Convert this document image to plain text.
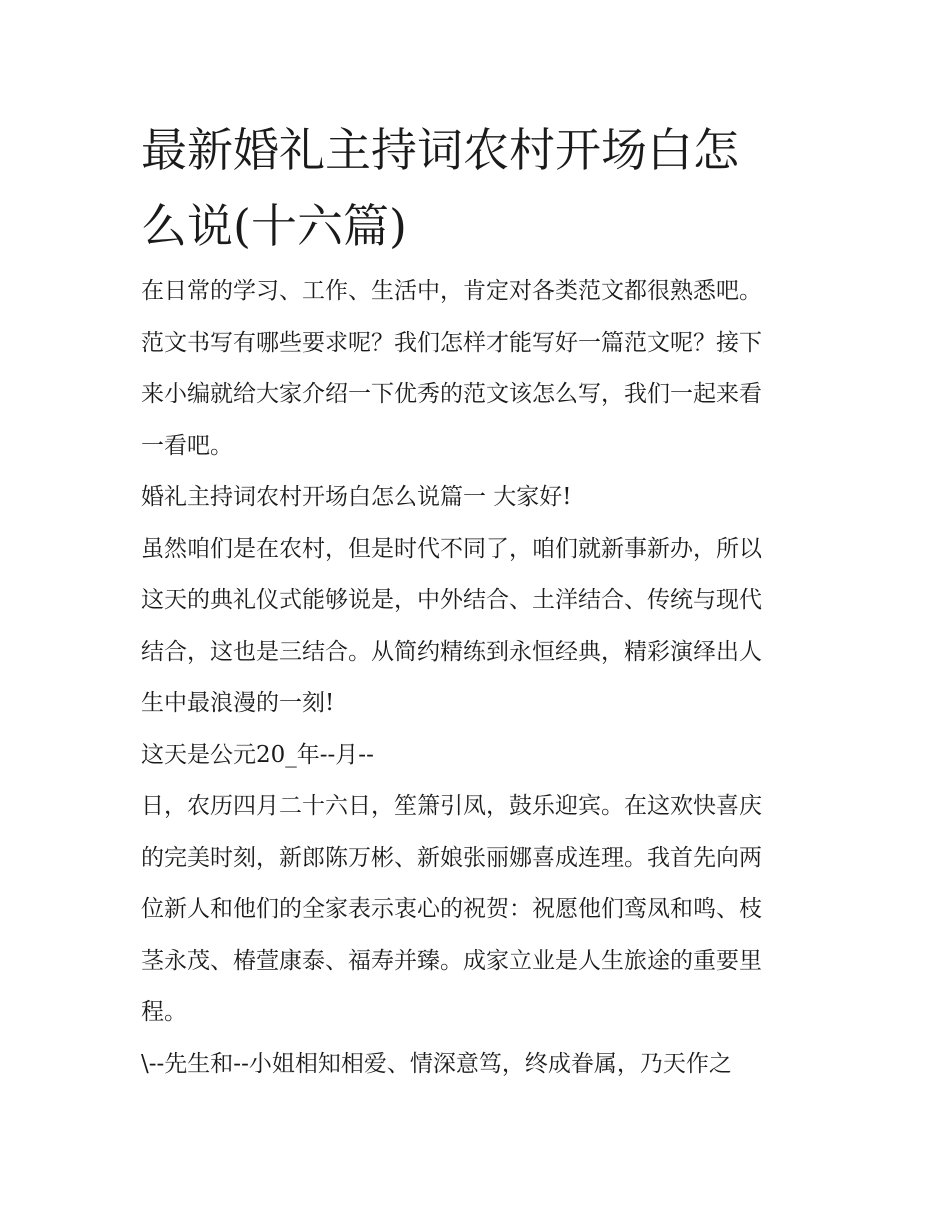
最新婚礼主持词农村开场白怎
么说(十六篇)
在日常的学习、工作、生活中，肯定对各类范文都很熟悉吧。
范文书写有哪些要求呢？我们怎样才能写好一篇范文呢？接下
来小编就给大家介绍一下优秀的范文该怎么写，我们一起来看
一看吧。
婚礼主持词农村开场白怎么说篇一 大家好!
虽然咱们是在农村，但是时代不同了，咱们就新事新办，所以
这天的典礼仪式能够说是，中外结合、土洋结合、传统与现代
结合，这也是三结合。从简约精练到永恒经典，精彩演绎出人
生中最浪漫的一刻!
这天是公元20_年--月--
日，农历四月二十六日，笙箫引凤，鼓乐迎宾。在这欢快喜庆
的完美时刻，新郎陈万彬、新娘张丽娜喜成连理。我首先向两
位新人和他们的全家表示衷心的祝贺：祝愿他们鸾凤和鸣、枝
茎永茂、椿萱康泰、福寿并臻。成家立业是人生旅途的重要里
程。
\--先生和--小姐相知相爱、情深意笃，终成眷属，乃天作之
